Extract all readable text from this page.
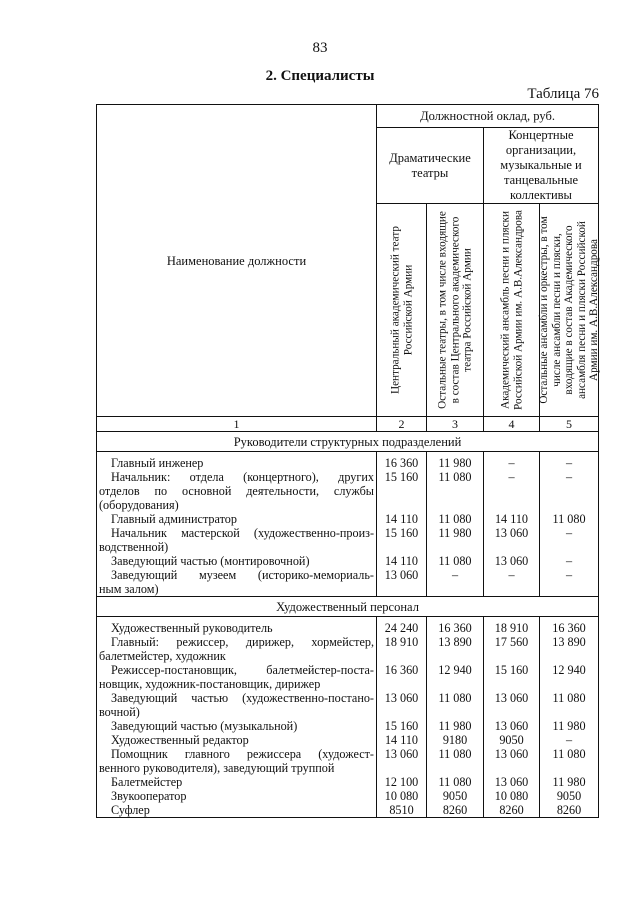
83
2. Специалисты
Таблица 76
Наименование должности	Должностной оклад, руб.			
	Драматические театры		Концертные организации, музыкальные и танцевальные коллективы	

	Центральный академический театр Российской Армии	Остальные театры, в том числе входящие в состав Центрального академического театра Российской Армии	Академический ансамбль песни и пляски Российской Армии им. А.В.Александрова	Остальные ансамбли и оркестры, в том числе ансамбли песни и пляски, входящие в состав Академического ансамбля песни и пляски Российской Армии им. А.В.Александрова

1	2	3	4	5
Руководители структурных подразделений				

Главный инженер	16 360	11 980	–	–

Начальник: отдела (концертного), других
отделов по основной деятельности, службы
(оборудования)	15 160	11 080	–	–

Главный администратор	14 110	11 080	14 110	11 080

Начальник мастерской (художественно-произ-
водственной)	15 160	11 980	13 060	–

Заведующий частью (монтировочной)	14 110	11 080	13 060	–

Заведующий музеем (историко-мемориаль-
ным залом)	13 060	–	–	–
Художественный персонал				

Художественный руководитель	24 240	16 360	18 910	16 360

Главный: режиссер, дирижер, хормейстер,
балетмейстер, художник	18 910	13 890	17 560	13 890

Режиссер-постановщик, балетмейстер-поста-
новщик, художник-постановщик, дирижер	16 360	12 940	15 160	12 940

Заведующий частью (художественно-постано-
вочной)	13 060	11 080	13 060	11 080

Заведующий частью (музыкальной)	15 160	11 980	13 060	11 980

Художественный редактор	14 110	9180	9050	–

Помощник главного режиссера (художест-
венного руководителя), заведующий труппой	13 060	11 080	13 060	11 080

Балетмейстер	12 100	11 080	13 060	11 980

Звукооператор	10 080	9050	10 080	9050

Суфлер	8510	8260	8260	8260
